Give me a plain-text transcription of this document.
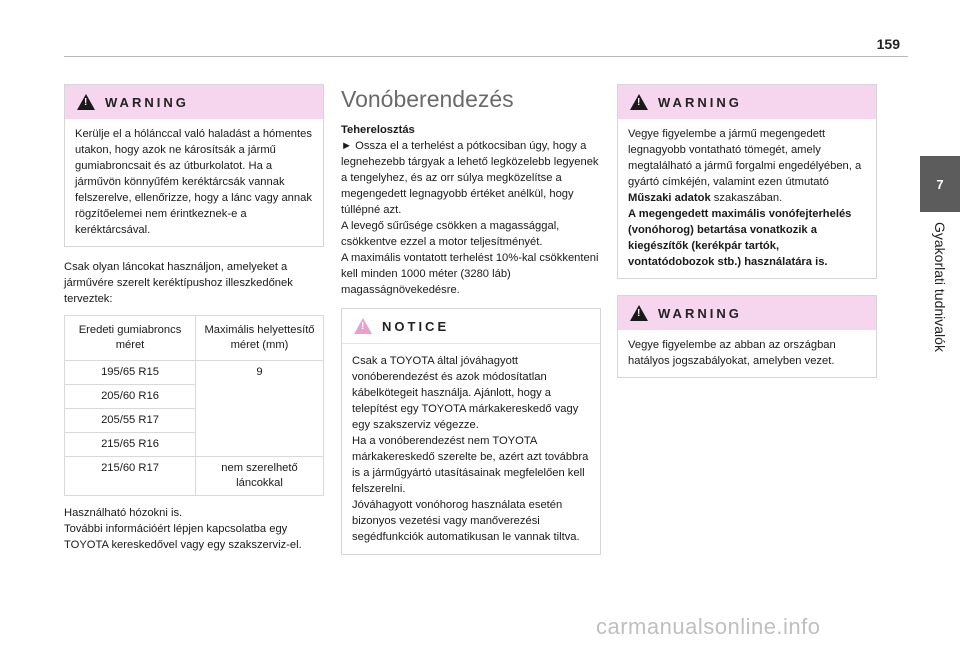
159
7
Gyakorlati tudnivalók
!
WARNING

Kerülje el a hólánccal való haladást a hómentes utakon, hogy azok ne károsítsák a jármű gumiabroncsait és az útburkolatot. Ha a járművön könnyűfém keréktárcsák vannak felszerelve, ellenőrizze, hogy a lánc vagy annak rögzítőelemei nem érintkeznek-e a keréktárcsával.

Csak olyan láncokat használjon, amelyeket a járművére szerelt keréktípushoz illeszkedőnek terveztek:

Eredeti gumiabroncs méret	Maximális helyettesítő méret (mm)
195/65 R15	9
205/60 R16	
205/55 R17	
215/65 R16	
215/60 R17	nem szerelhető láncokkal

Használható hózokni is.

További információért lépjen kapcsolatba egy TOYOTA kereskedővel vagy egy szakszerviz-el.

Vonóberendezés

Teherelosztás

► Ossza el a terhelést a pótkocsiban úgy, hogy a legnehezebb tárgyak a lehető legközelebb legyenek a tengelyhez, és az orr súlya megközelítse a megengedett legnagyobb értéket anélkül, hogy túllépné azt.

A levegő sűrűsége csökken a magassággal, csökkentve ezzel a motor teljesítményét.

A maximális vontatott terhelést 10%-kal csökkenteni kell minden 1000 méter (3280 láb) magasságnövekedésre.

!
NOTICE

Csak a TOYOTA által jóváhagyott vonóberendezést és azok módosítatlan kábelkötegeit használja. Ajánlott, hogy a telepítést egy TOYOTA márkakereskedő vagy egy szakszerviz végezze.

Ha a vonóberendezést nem TOYOTA márkakereskedő szerelte be, azért azt továbbra is a járműgyártó utasításainak megfelelően kell felszerelni.

Jóváhagyott vonóhorog használata esetén bizonyos vezetési vagy manőverezési segédfunkciók automatikusan le vannak tiltva.

!
WARNING

Vegye figyelembe a jármű megengedett legnagyobb vontatható tömegét, amely megtalálható a jármű forgalmi engedélyében, a gyártó címkéjén, valamint ezen útmutató Műszaki adatok szakaszában.

A megengedett maximális vonófejterhelés (vonóhorog) betartása vonatkozik a kiegészítők (kerékpár tartók, vontatódobozok stb.) használatára is.

!
WARNING

Vegye figyelembe az abban az országban hatályos jogszabályokat, amelyben vezet.

carmanualsonline.info
